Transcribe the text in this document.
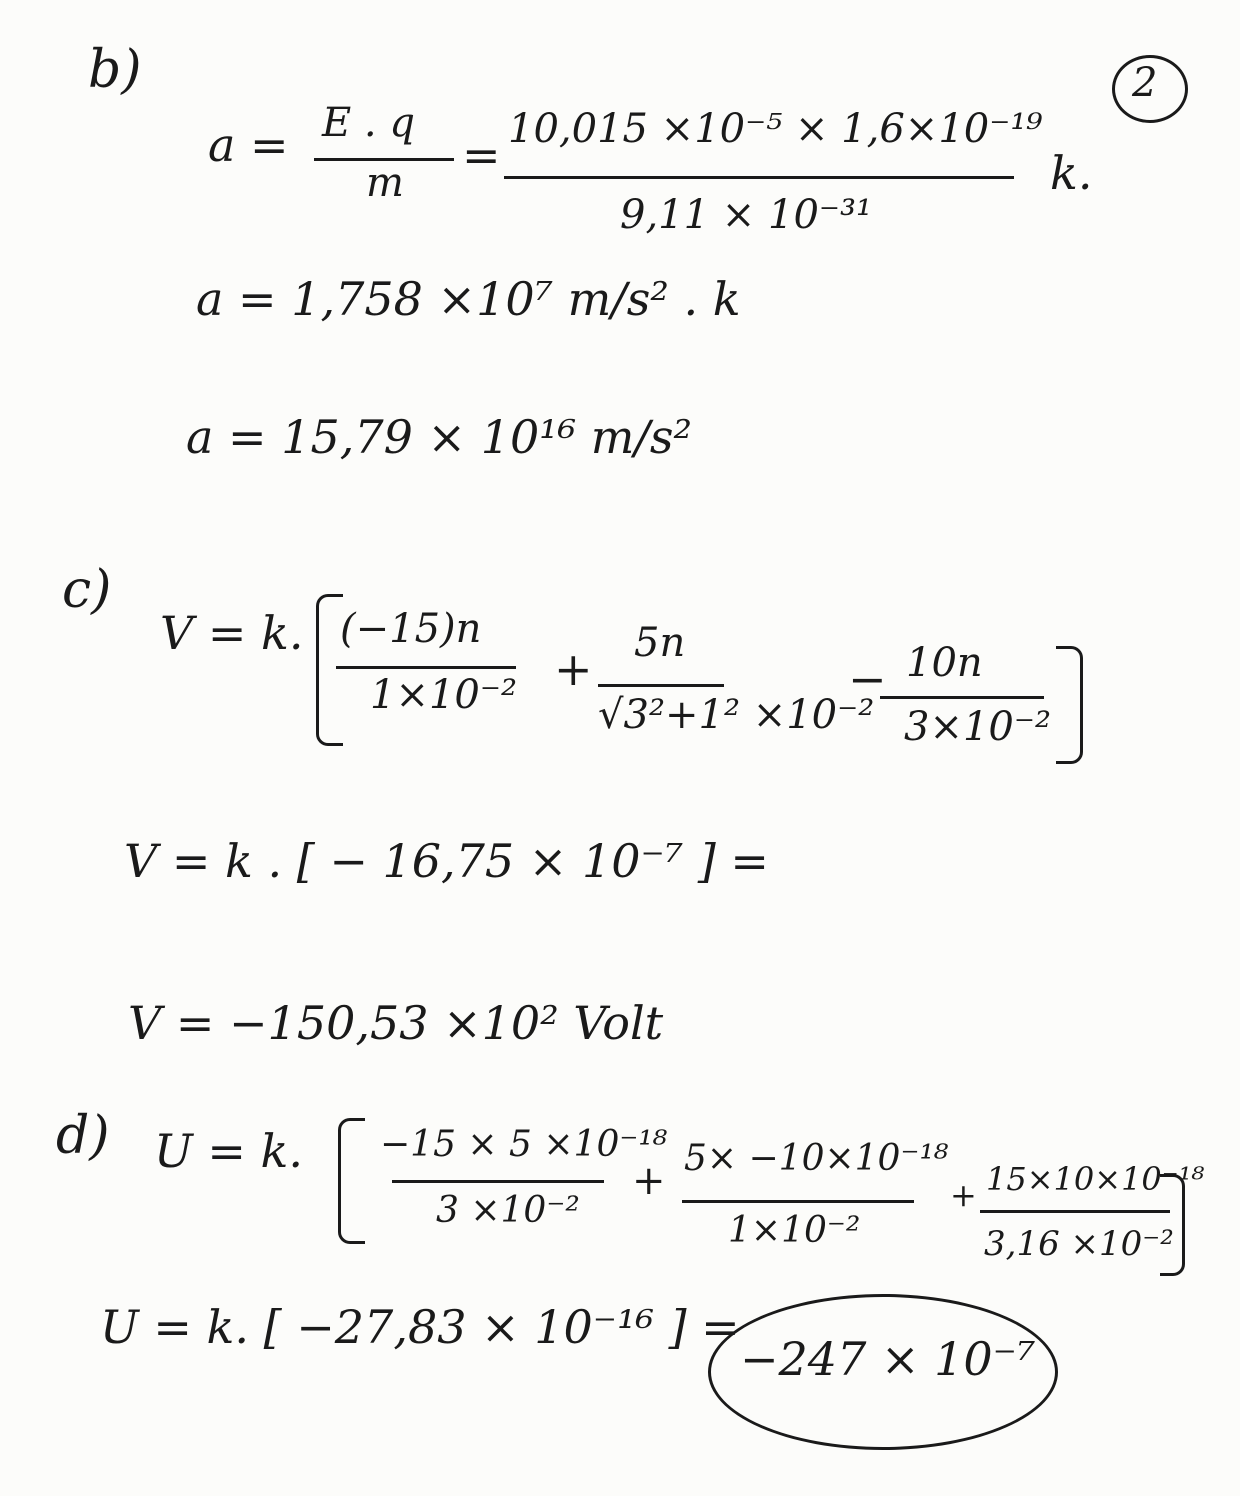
2
b)
a = E . q
m
= 10,015 ×10⁻⁵ × 1,6×10⁻¹⁹
9,11 × 10⁻³¹
k.
a = 1,758 ×10⁷ m/s² . k
a = 15,79 × 10¹⁶ m/s²
c)
V = k. (−15)n
1×10⁻² + 5n
√3²+1² ×10⁻²
− 10n
3×10⁻²
V = k . [ − 16,75 × 10⁻⁷ ] =
V = −150,53 ×10² Volt
d) U = k. −15 × 5 ×10⁻¹⁸
3 ×10⁻²
+ 5× −10×10⁻¹⁸
1×10⁻²
+ 15×10×10⁻¹⁸
3,16 ×10⁻²
U = k. [ −27,83 × 10⁻¹⁶ ] =
−247 × 10⁻⁷
